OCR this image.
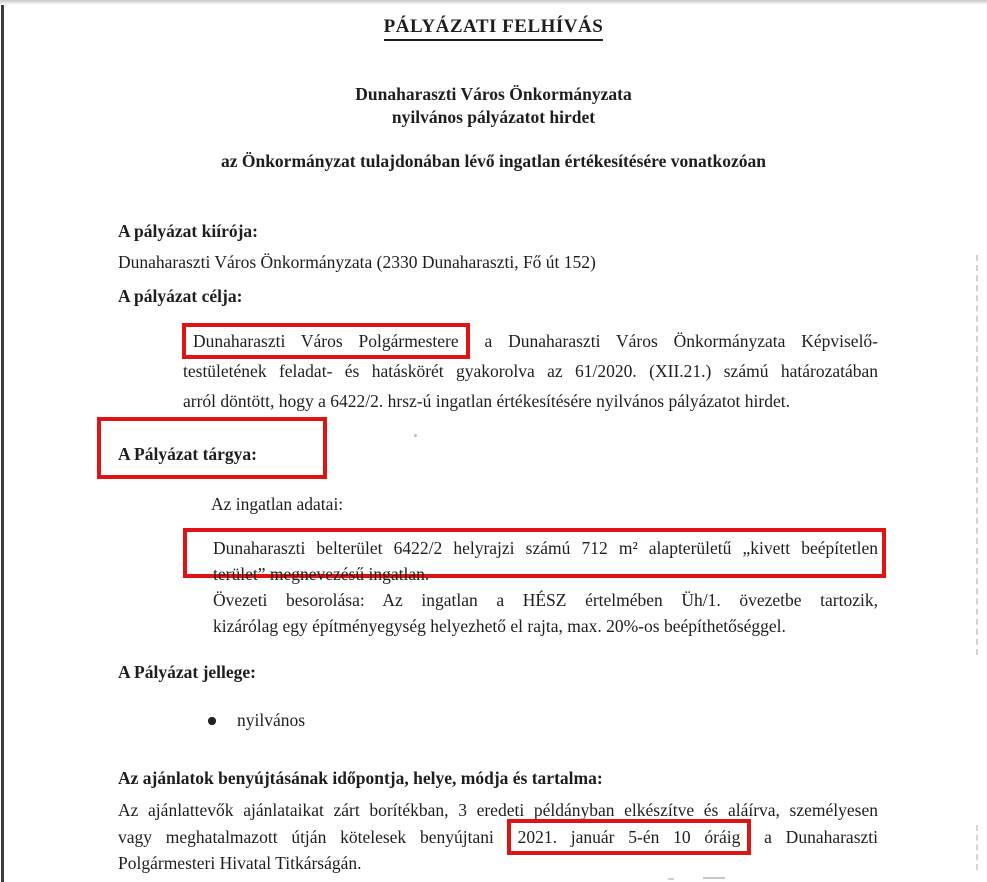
PÁLYÁZATI FELHÍVÁS
Dunaharaszti Város Önkormányzata
nyilvános pályázatot hirdet
az Önkormányzat tulajdonában lévő ingatlan értékesítésére vonatkozóan
A pályázat kiírója:
Dunaharaszti Város Önkormányzata (2330 Dunaharaszti, Fő út 152)
A pályázat célja:
Dunaharaszti Város Polgármestere a Dunaharaszti Város Önkormányzata Képviselő-
testületének feladat- és hatáskörét gyakorolva az 61/2020. (XII.21.) számú határozatában
arról döntött, hogy a 6422/2. hrsz-ú ingatlan értékesítésére nyilvános pályázatot hirdet.
A Pályázat tárgya:
Az ingatlan adatai:
Dunaharaszti belterület 6422/2 helyrajzi számú 712 m² alapterületű „kivett beépítetlen
terület” megnevezésű ingatlan.
Övezeti besorolása: Az ingatlan a HÉSZ értelmében Üh/1. övezetbe tartozik,
kizárólag egy építményegység helyezhető el rajta, max. 20%-os beépíthetőséggel.
A Pályázat jellege:
nyilvános
Az ajánlatok benyújtásának időpontja, helye, módja és tartalma:
Az ajánlattevők ajánlataikat zárt borítékban, 3 eredeti példányban elkészítve és aláírva, személyesen
vagy meghatalmazott útján kötelesek benyújtani 2021. január 5-én 10 óráig a Dunaharaszti
Polgármesteri Hivatal Titkárságán.
